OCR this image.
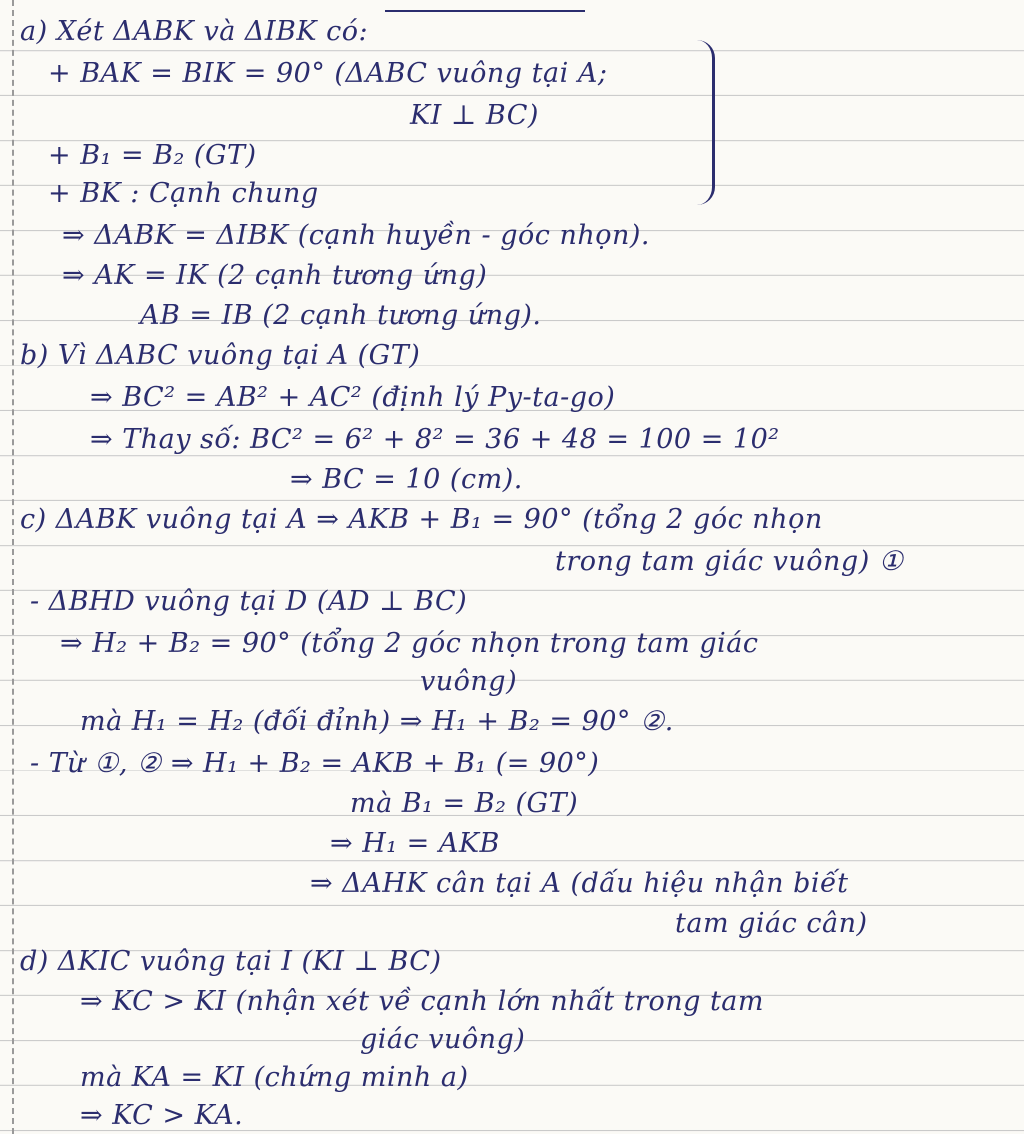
a) Xét ΔABK và ΔIBK có:
+ BAK = BIK = 90° (ΔABC vuông tại A;
KI ⊥ BC)
+ B₁ = B₂ (GT)
+ BK : Cạnh chung
⇒ ΔABK = ΔIBK (cạnh huyền - góc nhọn).
⇒ AK = IK (2 cạnh tương ứng)
AB = IB (2 cạnh tương ứng).
b) Vì ΔABC vuông tại A (GT)
⇒ BC² = AB² + AC² (định lý Py-ta-go)
⇒ Thay số: BC² = 6² + 8² = 36 + 48 = 100 = 10²
⇒ BC = 10 (cm).
c) ΔABK vuông tại A ⇒ AKB + B₁ = 90° (tổng 2 góc nhọn
trong tam giác vuông) ①
- ΔBHD vuông tại D (AD ⊥ BC)
⇒ H₂ + B₂ = 90° (tổng 2 góc nhọn trong tam giác
vuông)
mà H₁ = H₂ (đối đỉnh) ⇒ H₁ + B₂ = 90° ②.
- Từ ①, ② ⇒ H₁ + B₂ = AKB + B₁ (= 90°)
mà B₁ = B₂ (GT)
⇒ H₁ = AKB
⇒ ΔAHK cân tại A (dấu hiệu nhận biết
tam giác cân)
d) ΔKIC vuông tại I (KI ⊥ BC)
⇒ KC > KI (nhận xét về cạnh lớn nhất trong tam
giác vuông)
mà KA = KI (chứng minh a)
⇒ KC > KA.
